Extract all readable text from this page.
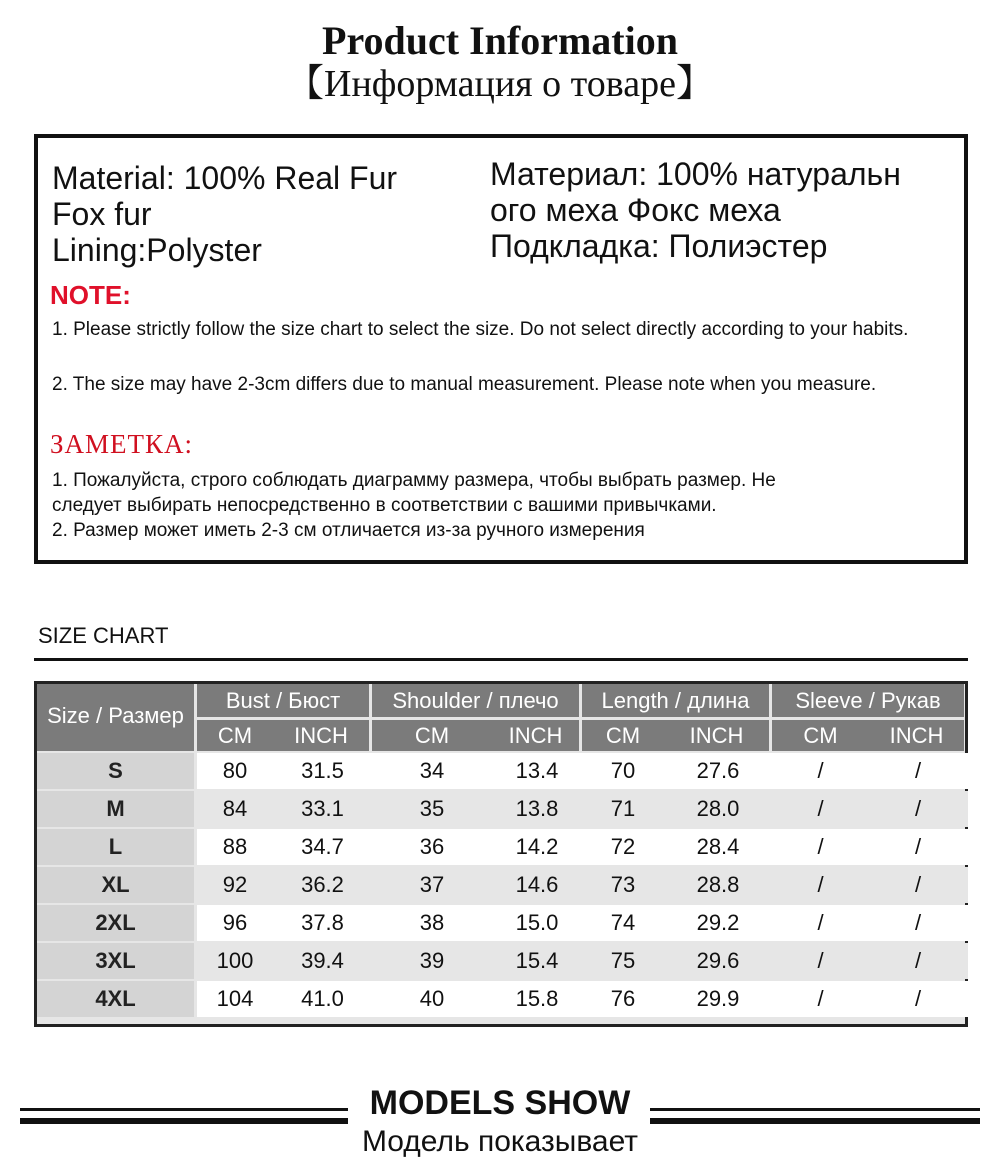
Product Information
【Информация о товаре】
Material: 100% Real Fur
Fox fur
Lining:Polyster
Материал: 100% натуральн
ого меха Фокс меха
Подкладка: Полиэстер
NOTE:
1. Please strictly follow the size chart to select the size. Do not select directly according to your habits.
2. The size may have 2-3cm differs due to manual measurement. Please note when you measure.
ЗАМЕТКА:
1. Пожалуйста, строго соблюдать диаграмму размера, чтобы выбрать размер. Не
следует выбирать непосредственно в соответствии с вашими привычками.
2. Размер может иметь 2-3 см отличается из-за ручного измерения
SIZE CHART
Size / Размер
Bust / Бюст
CM	INCH
Shoulder / плечо
CM	INCH
Length / длина
CM	INCH
Sleeve / Рукав
CM	INCH
S	80	31.5	34	13.4	70	27.6	/	/
M	84	33.1	35	13.8	71	28.0	/	/
L	88	34.7	36	14.2	72	28.4	/	/
XL	92	36.2	37	14.6	73	28.8	/	/
2XL	96	37.8	38	15.0	74	29.2	/	/
3XL	100	39.4	39	15.4	75	29.6	/	/
4XL	104	41.0	40	15.8	76	29.9	/	/
MODELS SHOW
Модель показывает
